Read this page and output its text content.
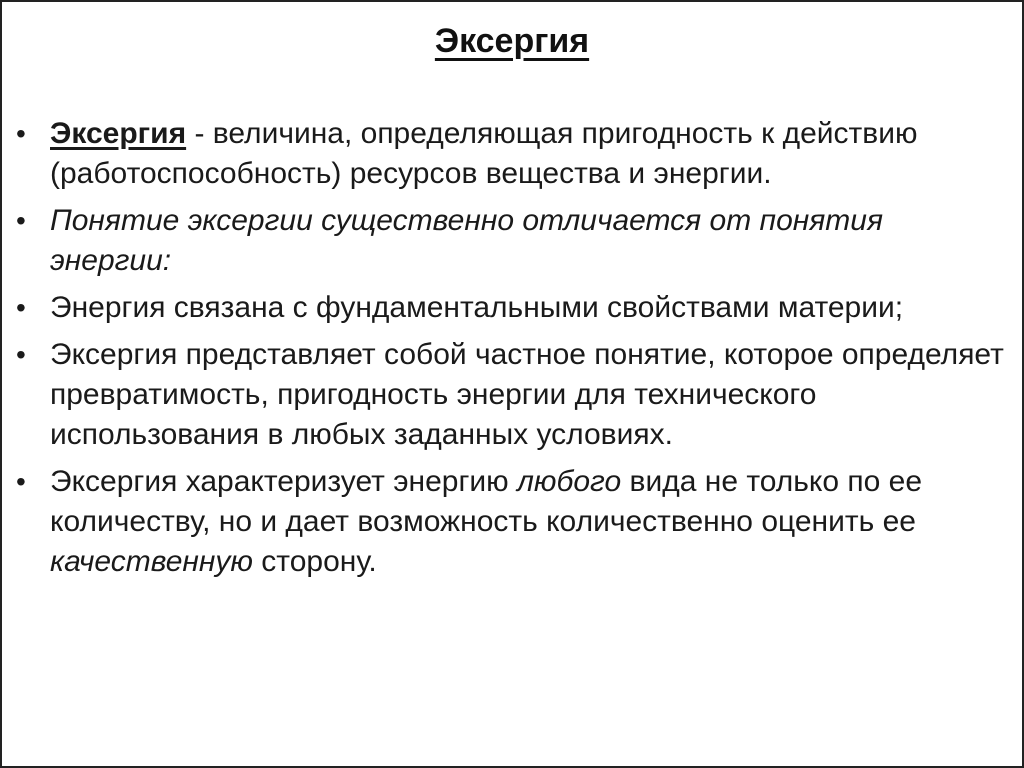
Эксергия
• Эксергия - величина, определяющая пригодность к действию (работоспособность) ресурсов вещества и энергии.
• Понятие эксергии существенно отличается от понятия энергии:
• Энергия связана с фундаментальными свойствами материи;
• Эксергия представляет собой частное понятие, которое определяет превратимость, пригодность энергии для технического использования в любых заданных условиях.
• Эксергия характеризует энергию любого вида не только по ее количеству, но и дает возможность количественно оценить ее качественную сторону.
